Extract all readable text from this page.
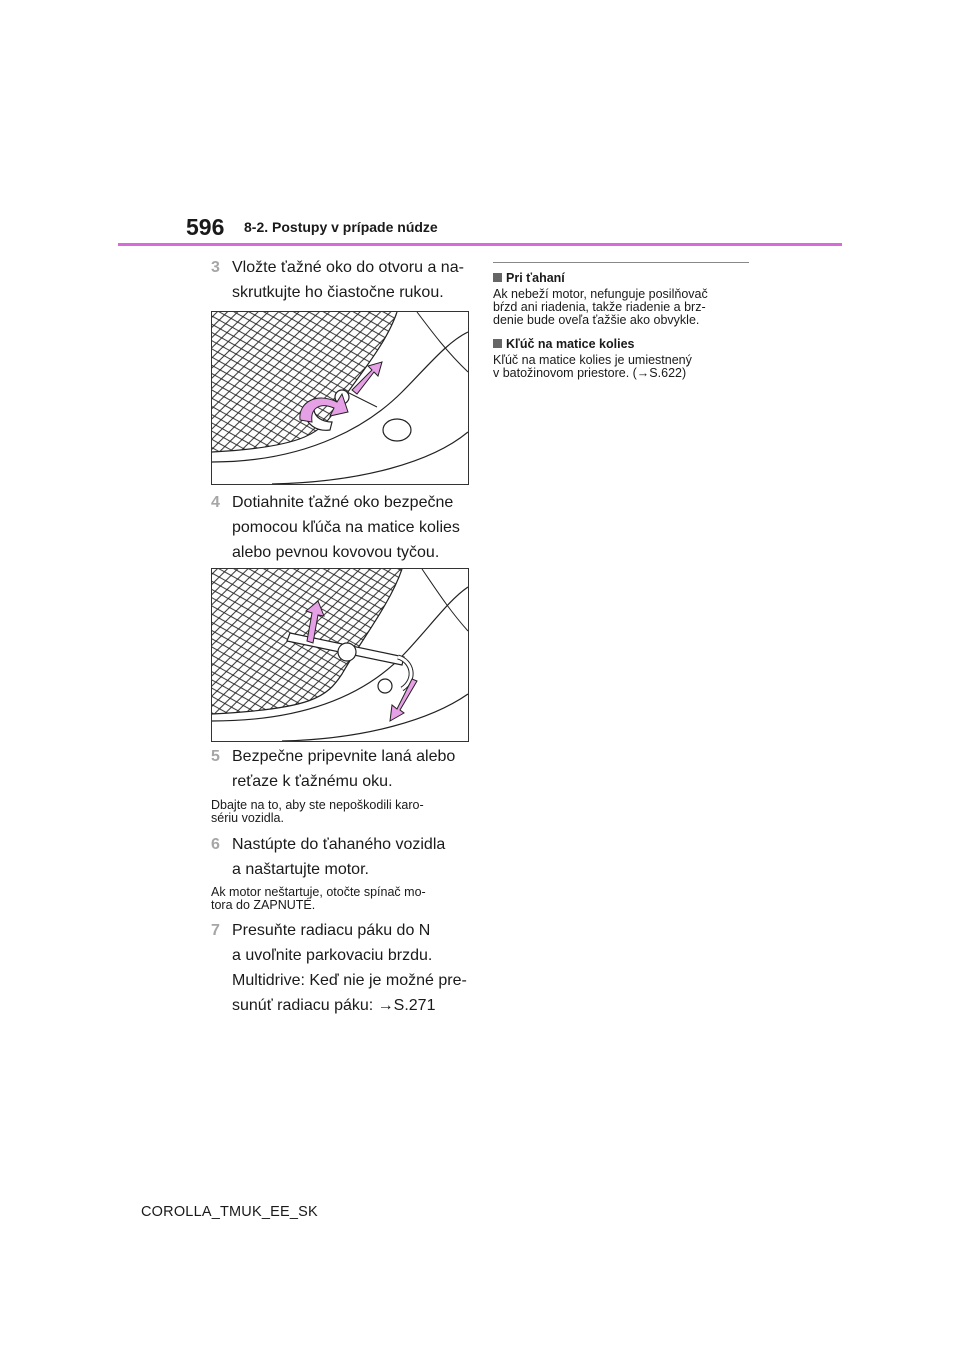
596 8-2. Postupy v prípade núdze

3 Vložte ťažné oko do otvoru a na-
skrutkujte ho čiastočne rukou.

4 Dotiahnite ťažné oko bezpečne
pomocou kľúča na matice kolies
alebo pevnou kovovou tyčou.

5 Bezpečne pripevnite laná alebo
reťaze k ťažnému oku.

Dbajte na to, aby ste nepoškodili karo-
sériu vozidla.

6 Nastúpte do ťahaného vozidla
a naštartujte motor.

Ak motor neštartuje, otočte spínač mo-
tora do ZAPNUTÉ.

7 Presuňte radiacu páku do N
a uvoľnite parkovaciu brzdu.
Multidrive: Keď nie je možné pre-
sunúť radiacu páku: →S.271

Pri ťahaní

Ak nebeží motor, nefunguje posilňovač
bŕzd ani riadenia, takže riadenie a brz-
denie bude oveľa ťažšie ako obvykle.

Kľúč na matice kolies

Kľúč na matice kolies je umiestnený
v batožinovom priestore. (→S.622)

COROLLA_TMUK_EE_SK
